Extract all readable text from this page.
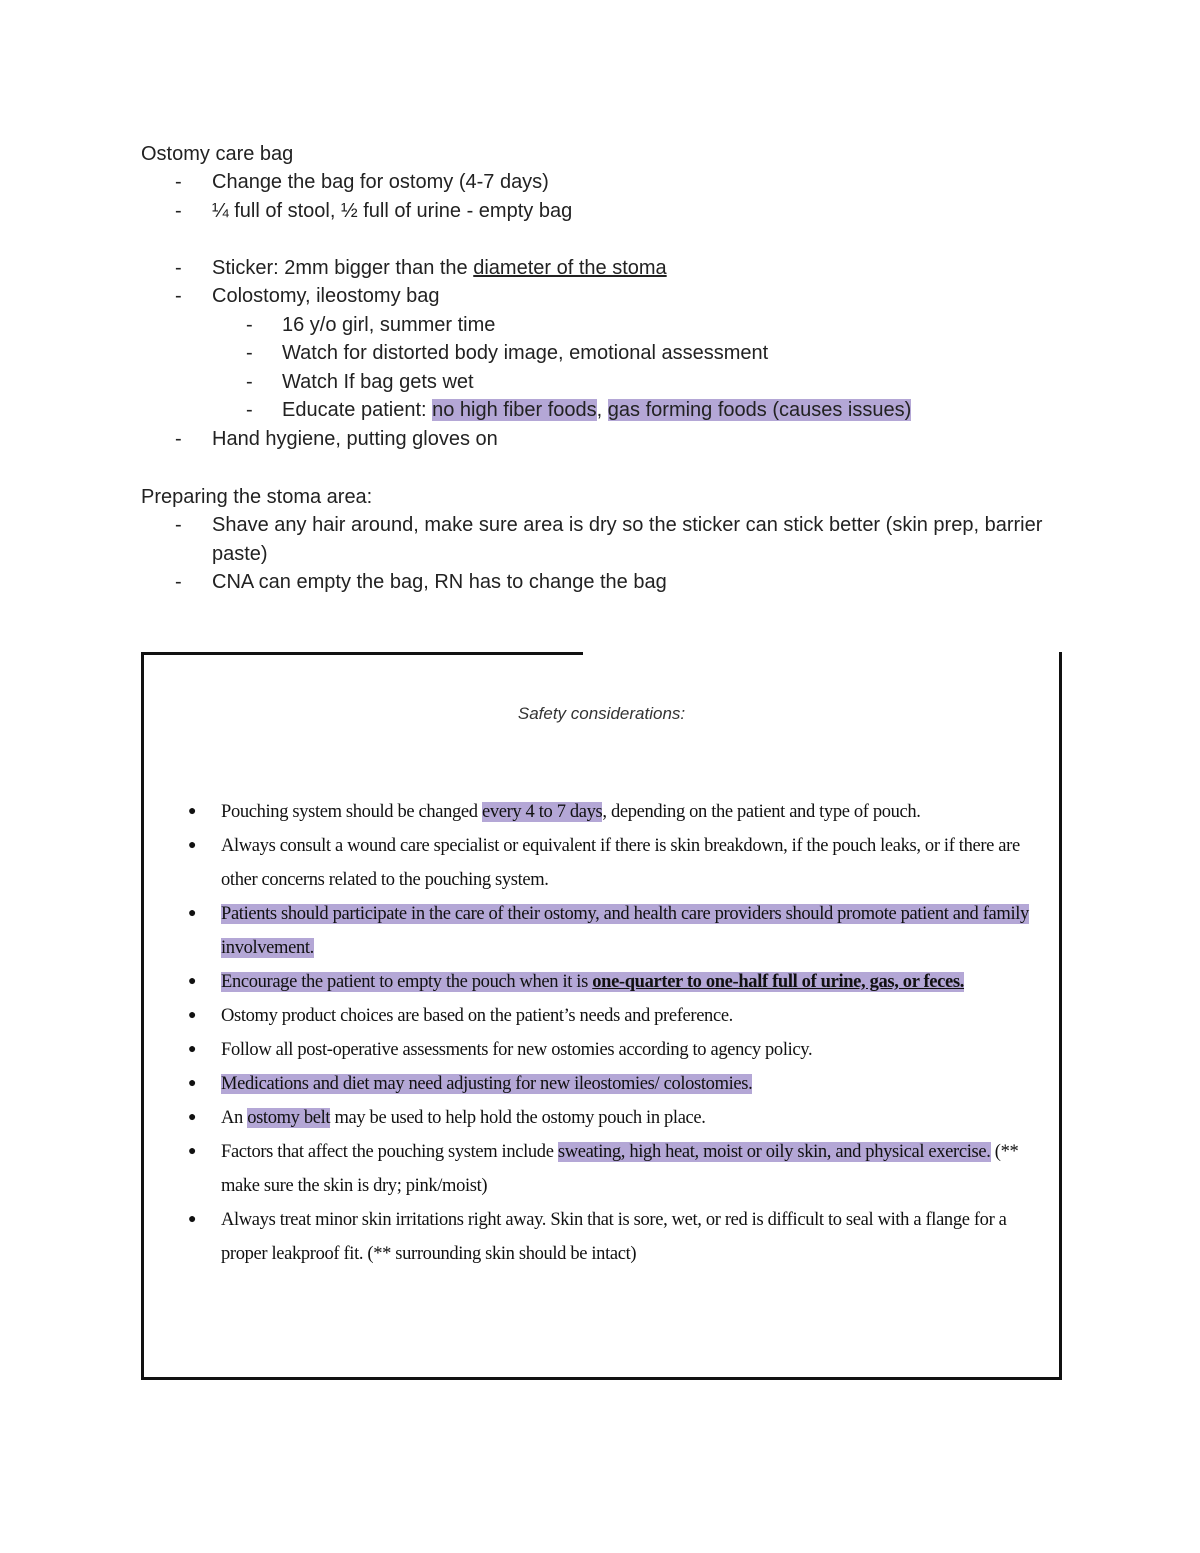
Ostomy care bag
- Change the bag for ostomy (4-7 days)
- ¼ full of stool, ½ full of urine - empty bag
- Sticker: 2mm bigger than the diameter of the stoma
- Colostomy, ileostomy bag
- 16 y/o girl, summer time
- Watch for distorted body image, emotional assessment
- Watch If bag gets wet
- Educate patient: no high fiber foods, gas forming foods (causes issues)
- Hand hygiene, putting gloves on
Preparing the stoma area:
- Shave any hair around, make sure area is dry so the sticker can stick better (skin prep, barrier paste)
- CNA can empty the bag, RN has to change the bag
Safety considerations:
● Pouching system should be changed every 4 to 7 days, depending on the patient and type of pouch.
● Always consult a wound care specialist or equivalent if there is skin breakdown, if the pouch leaks, or if there are other concerns related to the pouching system.
● Patients should participate in the care of their ostomy, and health care providers should promote patient and family involvement.
● Encourage the patient to empty the pouch when it is one-quarter to one-half full of urine, gas, or feces.
● Ostomy product choices are based on the patient’s needs and preference.
● Follow all post-operative assessments for new ostomies according to agency policy.
● Medications and diet may need adjusting for new ileostomies/ colostomies.
● An ostomy belt may be used to help hold the ostomy pouch in place.
● Factors that affect the pouching system include sweating, high heat, moist or oily skin, and physical exercise. (** make sure the skin is dry; pink/moist)
● Always treat minor skin irritations right away. Skin that is sore, wet, or red is difficult to seal with a flange for a proper leakproof fit. (** surrounding skin should be intact)
